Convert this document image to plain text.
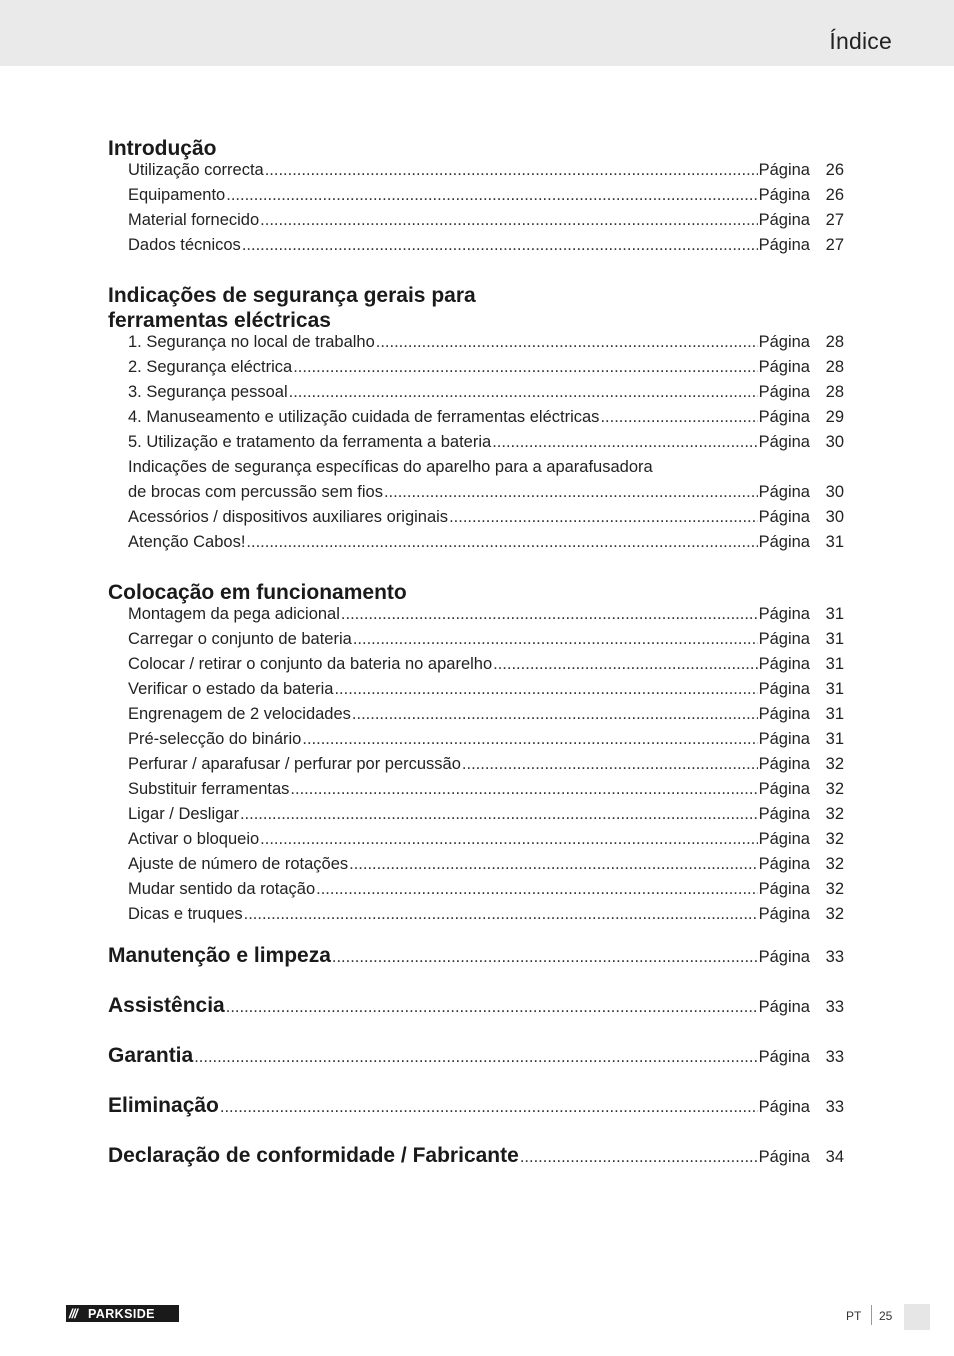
Índice
Introdução
Utilização correcta .....	Página 26
Equipamento .....	Página 26
Material fornecido .....	Página 27
Dados técnicos .....	Página 27
Indicações de segurança gerais para
ferramentas eléctricas
1. Segurança no local de trabalho .....	Página 28
2. Segurança eléctrica .....	Página 28
3. Segurança pessoal .....	Página 28
4. Manuseamento e utilização cuidada de ferramentas eléctricas .....	Página 29
5. Utilização e tratamento da ferramenta a bateria .....	Página 30
Indicações de segurança específicas do aparelho para a aparafusadora
de brocas com percussão sem fios .....	Página 30
Acessórios / dispositivos auxiliares originais .....	Página 30
Atenção Cabos! .....	Página 31
Colocação em funcionamento
Montagem da pega adicional .....	Página 31
Carregar o conjunto de bateria .....	Página 31
Colocar / retirar o conjunto da bateria no aparelho .....	Página 31
Verificar o estado da bateria .....	Página 31
Engrenagem de 2 velocidades .....	Página 31
Pré-selecção do binário .....	Página 31
Perfurar / aparafusar / perfurar por percussão .....	Página 32
Substituir ferramentas .....	Página 32
Ligar / Desligar .....	Página 32
Activar o bloqueio .....	Página 32
Ajuste de número de rotações .....	Página 32
Mudar sentido da rotação .....	Página 32
Dicas e truques .....	Página 32
Manutenção e limpeza .....	Página 33
Assistência .....	Página 33
Garantia .....	Página 33
Eliminação .....	Página 33
Declaração de conformidade / Fabricante .....	Página 34
/// PARKSIDE	PT 25
